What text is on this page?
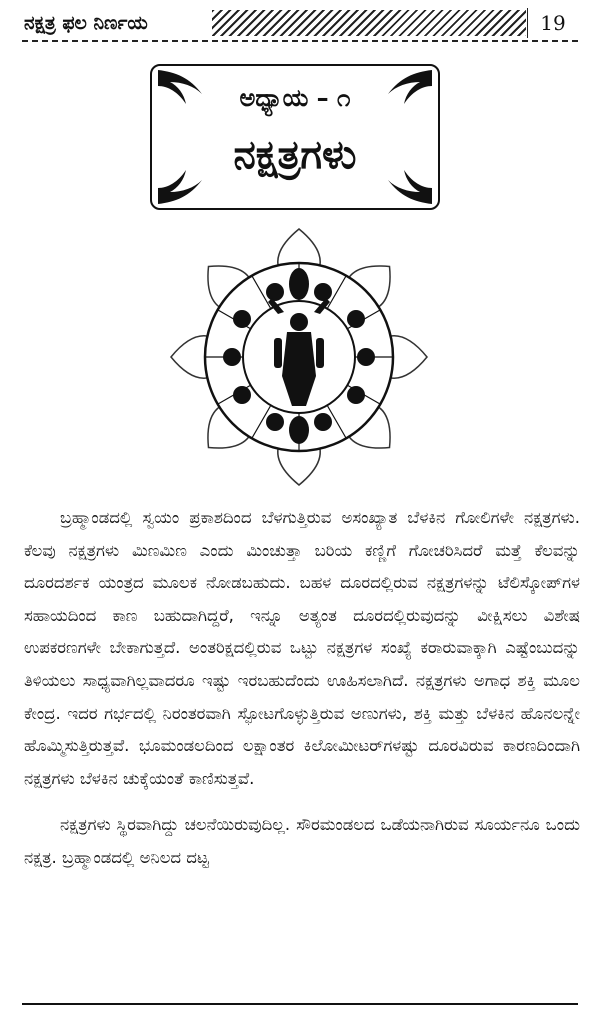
ನಕ್ಷತ್ರ ಫಲ ನಿರ್ಣಯ	19
ಅಧ್ಯಾಯ – ೧
ನಕ್ಷತ್ರಗಳು

ಬ್ರಹ್ಮಾಂಡದಲ್ಲಿ ಸ್ವಯಂ ಪ್ರಕಾಶದಿಂದ ಬೆಳಗುತ್ತಿರುವ ಅಸಂಖ್ಯಾತ ಬೆಳಕಿನ ಗೋಲಿಗಳೇ ನಕ್ಷತ್ರಗಳು. ಕೆಲವು ನಕ್ಷತ್ರಗಳು ಮಿಣಮಿಣ ಎಂದು ಮಿಂಚುತ್ತಾ ಬರಿಯ ಕಣ್ಣಿಗೆ ಗೋಚರಿಸಿದರೆ ಮತ್ತೆ ಕೆಲವನ್ನು ದೂರದರ್ಶಕ ಯಂತ್ರದ ಮೂಲಕ ನೋಡಬಹುದು. ಬಹಳ ದೂರದಲ್ಲಿರುವ ನಕ್ಷತ್ರಗಳನ್ನು ಟೆಲಿಸ್ಕೋಪ್‌ಗಳ ಸಹಾಯದಿಂದ ಕಾಣ ಬಹುದಾಗಿದ್ದರೆ, ಇನ್ನೂ ಅತ್ಯಂತ ದೂರದಲ್ಲಿರುವುದನ್ನು ವೀಕ್ಷಿಸಲು ವಿಶೇಷ ಉಪಕರಣಗಳೇ ಬೇಕಾಗುತ್ತದೆ. ಅಂತರಿಕ್ಷದಲ್ಲಿರುವ ಒಟ್ಟು ನಕ್ಷತ್ರಗಳ ಸಂಖ್ಯೆ ಕರಾರುವಾಕ್ಕಾಗಿ ಎಷ್ಟೆಂಬುದನ್ನು ತಿಳಿಯಲು ಸಾಧ್ಯವಾಗಿಲ್ಲವಾದರೂ ಇಷ್ಟು ಇರಬಹುದೆಂದು ಊಹಿಸಲಾಗಿದೆ. ನಕ್ಷತ್ರಗಳು ಅಗಾಧ ಶಕ್ತಿ ಮೂಲ ಕೇಂದ್ರ. ಇದರ ಗರ್ಭದಲ್ಲಿ ನಿರಂತರವಾಗಿ ಸ್ಫೋಟಗೊಳ್ಳುತ್ತಿರುವ ಅಣುಗಳು, ಶಕ್ತಿ ಮತ್ತು ಬೆಳಕಿನ ಹೊನಲನ್ನೇ ಹೊಮ್ಮಿಸುತ್ತಿರುತ್ತವೆ. ಭೂಮಂಡಲದಿಂದ ಲಕ್ಷಾಂತರ ಕಿಲೋಮೀಟರ್‌ಗಳಷ್ಟು ದೂರವಿರುವ ಕಾರಣದಿಂದಾಗಿ ನಕ್ಷತ್ರಗಳು ಬೆಳಕಿನ ಚುಕ್ಕೆಯಂತೆ ಕಾಣಿಸುತ್ತವೆ.

ನಕ್ಷತ್ರಗಳು ಸ್ಥಿರವಾಗಿದ್ದು ಚಲನೆಯಿರುವುದಿಲ್ಲ. ಸೌರಮಂಡಲದ ಒಡೆಯನಾಗಿರುವ ಸೂರ್ಯನೂ ಒಂದು ನಕ್ಷತ್ರ. ಬ್ರಹ್ಮಾಂಡದಲ್ಲಿ ಅನಿಲದ ದಟ್ಟ
